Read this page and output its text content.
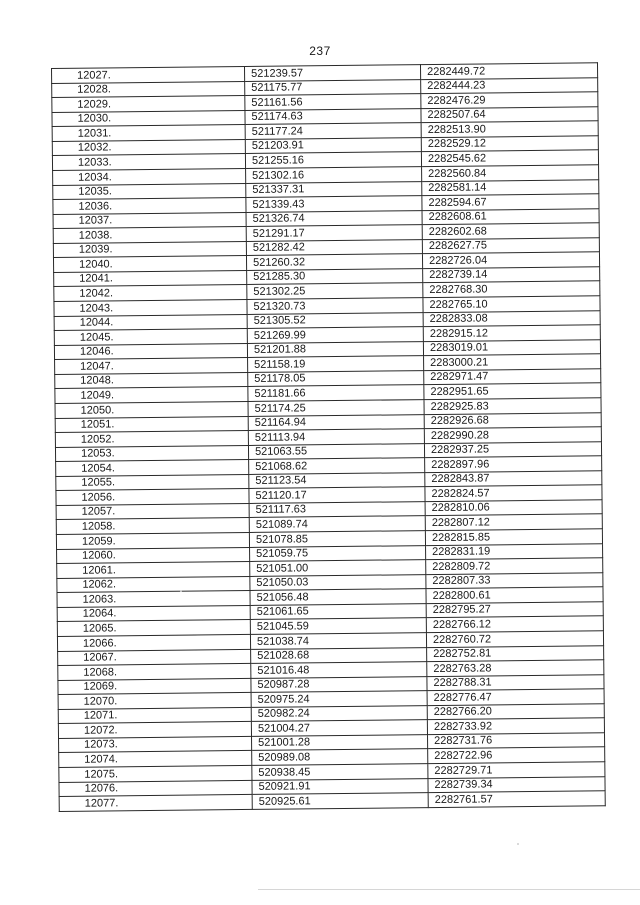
237
12027.	521239.57	2282449.72
12028.	521175.77	2282444.23
12029.	521161.56	2282476.29
12030.	521174.63	2282507.64
12031.	521177.24	2282513.90
12032.	521203.91	2282529.12
12033.	521255.16	2282545.62
12034.	521302.16	2282560.84
12035.	521337.31	2282581.14
12036.	521339.43	2282594.67
12037.	521326.74	2282608.61
12038.	521291.17	2282602.68
12039.	521282.42	2282627.75
12040.	521260.32	2282726.04
12041.	521285.30	2282739.14
12042.	521302.25	2282768.30
12043.	521320.73	2282765.10
12044.	521305.52	2282833.08
12045.	521269.99	2282915.12
12046.	521201.88	2283019.01
12047.	521158.19	2283000.21
12048.	521178.05	2282971.47
12049.	521181.66	2282951.65
12050.	521174.25	2282925.83
12051.	521164.94	2282926.68
12052.	521113.94	2282990.28
12053.	521063.55	2282937.25
12054.	521068.62	2282897.96
12055.	521123.54	2282843.87
12056.	521120.17	2282824.57
12057.	521117.63	2282810.06
12058.	521089.74	2282807.12
12059.	521078.85	2282815.85
12060.	521059.75	2282831.19
12061.	521051.00	2282809.72
12062.	521050.03	2282807.33
12063.	521056.48	2282800.61
12064.	521061.65	2282795.27
12065.	521045.59	2282766.12
12066.	521038.74	2282760.72
12067.	521028.68	2282752.81
12068.	521016.48	2282763.28
12069.	520987.28	2282788.31
12070.	520975.24	2282776.47
12071.	520982.24	2282766.20
12072.	521004.27	2282733.92
12073.	521001.28	2282731.76
12074.	520989.08	2282722.96
12075.	520938.45	2282729.71
12076.	520921.91	2282739.34
12077.	520925.61	2282761.57
